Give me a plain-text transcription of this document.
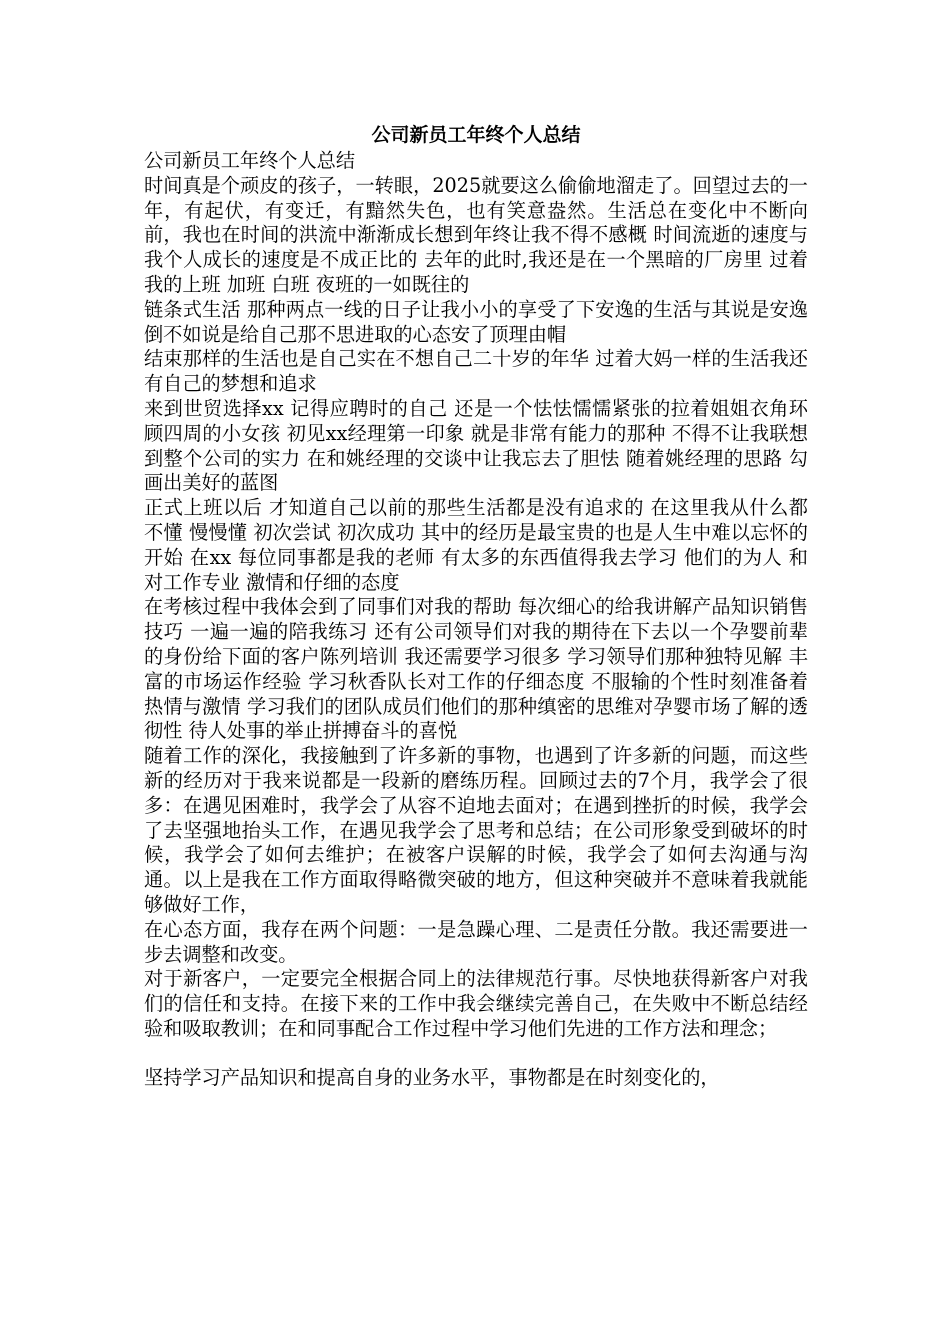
公司新员工年终个人总结

公司新员工年终个人总结

时间真是个顽皮的孩子，一转眼，2025就要这么偷偷地溜走了。回望过去的一年，有起伏，有变迁，有黯然失色，也有笑意盎然。生活总在变化中不断向前，我也在时间的洪流中渐渐成长想到年终让我不得不感概 时间流逝的速度与我个人成长的速度是不成正比的 去年的此时,我还是在一个黑暗的厂房里 过着我的上班 加班 白班 夜班的一如既往的

链条式生活 那种两点一线的日子让我小小的享受了下安逸的生活与其说是安逸 倒不如说是给自己那不思进取的心态安了顶理由帽

结束那样的生活也是自己实在不想自己二十岁的年华 过着大妈一样的生活我还有自己的梦想和追求

来到世贸选择xx 记得应聘时的自己 还是一个怯怯懦懦紧张的拉着姐姐衣角环顾四周的小女孩 初见xx经理第一印象 就是非常有能力的那种 不得不让我联想到整个公司的实力 在和姚经理的交谈中让我忘去了胆怯 随着姚经理的思路 勾画出美好的蓝图

正式上班以后 才知道自己以前的那些生活都是没有追求的 在这里我从什么都不懂 慢慢懂 初次尝试 初次成功 其中的经历是最宝贵的也是人生中难以忘怀的开始 在xx 每位同事都是我的老师 有太多的东西值得我去学习 他们的为人 和对工作专业 激情和仔细的态度

在考核过程中我体会到了同事们对我的帮助 每次细心的给我讲解产品知识销售技巧 一遍一遍的陪我练习 还有公司领导们对我的期待在下去以一个孕婴前辈的身份给下面的客户陈列培训 我还需要学习很多 学习领导们那种独特见解 丰富的市场运作经验 学习秋香队长对工作的仔细态度 不服输的个性时刻准备着热情与激情 学习我们的团队成员们他们的那种缜密的思维对孕婴市场了解的透彻性 待人处事的举止拼搏奋斗的喜悦

随着工作的深化，我接触到了许多新的事物，也遇到了许多新的问题，而这些新的经历对于我来说都是一段新的磨练历程。回顾过去的7个月，我学会了很多：在遇见困难时，我学会了从容不迫地去面对；在遇到挫折的时候，我学会了去坚强地抬头工作，在遇见我学会了思考和总结；在公司形象受到破坏的时候，我学会了如何去维护；在被客户误解的时候，我学会了如何去沟通与沟通。以上是我在工作方面取得略微突破的地方，但这种突破并不意味着我就能够做好工作，

在心态方面，我存在两个问题：一是急躁心理、二是责任分散。我还需要进一步去调整和改变。

对于新客户，一定要完全根据合同上的法律规范行事。尽快地获得新客户对我们的信任和支持。在接下来的工作中我会继续完善自己，在失败中不断总结经验和吸取教训；在和同事配合工作过程中学习他们先进的工作方法和理念；

坚持学习产品知识和提高自身的业务水平，事物都是在时刻变化的，
